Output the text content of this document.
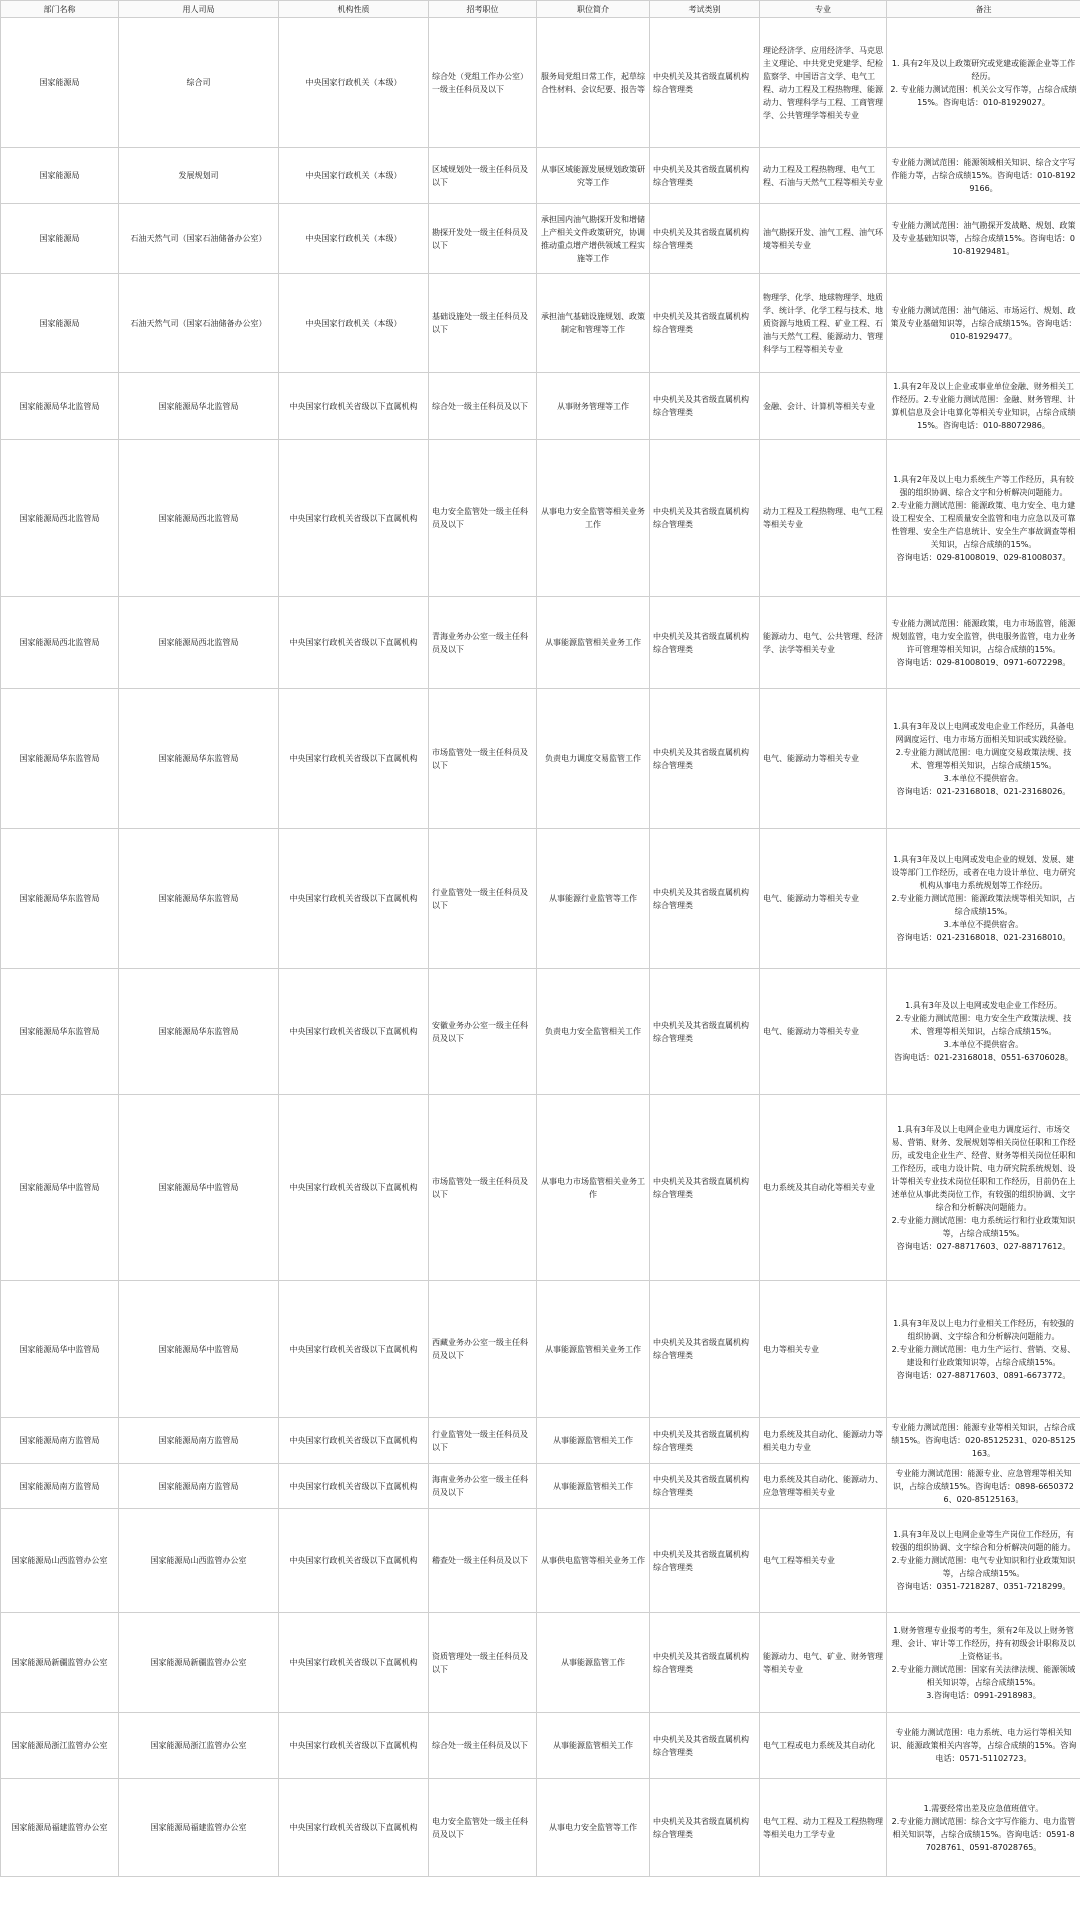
部门名称	用人司局	机构性质	招考职位	职位简介	考试类别	专业	备注
国家能源局	综合司	中央国家行政机关（本级）	综合处（党组工作办公室）一级主任科员及以下	服务局党组日常工作，起草综合性材料、会议纪要、报告等	中央机关及其省级直属机构综合管理类	理论经济学、应用经济学、马克思主义理论、中共党史党建学、纪检监察学、中国语言文学、电气工程、动力工程及工程热物理、能源动力、管理科学与工程、工商管理学、公共管理学等相关专业	1. 具有2年及以上政策研究或党建或能源企业等工作经历。
2. 专业能力测试范围：机关公文写作等，占综合成绩15%。咨询电话：010-81929027。
国家能源局	发展规划司	中央国家行政机关（本级）	区域规划处一级主任科员及以下	从事区域能源发展规划政策研究等工作	中央机关及其省级直属机构综合管理类	动力工程及工程热物理、电气工程、石油与天然气工程等相关专业	专业能力测试范围：能源领域相关知识、综合文字写作能力等，占综合成绩15%。咨询电话：010-81929166。
国家能源局	石油天然气司（国家石油储备办公室）	中央国家行政机关（本级）	勘探开发处一级主任科员及以下	承担国内油气勘探开发和增储上产相关文件政策研究，协调推动重点增产增供领域工程实施等工作	中央机关及其省级直属机构综合管理类	油气勘探开发、油气工程、油气环境等相关专业	专业能力测试范围：油气勘探开发战略、规划、政策及专业基础知识等，占综合成绩15%。咨询电话：010-81929481。
国家能源局	石油天然气司（国家石油储备办公室）	中央国家行政机关（本级）	基础设施处一级主任科员及以下	承担油气基础设施规划、政策制定和管理等工作	中央机关及其省级直属机构综合管理类	物理学、化学、地球物理学、地质学、统计学、化学工程与技术、地质资源与地质工程、矿业工程、石油与天然气工程、能源动力、管理科学与工程等相关专业	专业能力测试范围：油气储运、市场运行、规划、政策及专业基础知识等，占综合成绩15%。咨询电话：010-81929477。
国家能源局华北监管局	国家能源局华北监管局	中央国家行政机关省级以下直属机构	综合处一级主任科员及以下	从事财务管理等工作	中央机关及其省级直属机构综合管理类	金融、会计、计算机等相关专业	1.具有2年及以上企业或事业单位金融、财务相关工作经历。2.专业能力测试范围：金融、财务管理、计算机信息及会计电算化等相关专业知识，占综合成绩15%。咨询电话：010-88072986。
国家能源局西北监管局	国家能源局西北监管局	中央国家行政机关省级以下直属机构	电力安全监管处一级主任科员及以下	从事电力安全监管等相关业务工作	中央机关及其省级直属机构综合管理类	动力工程及工程热物理、电气工程等相关专业	1.具有2年及以上电力系统生产等工作经历，具有较强的组织协调、综合文字和分析解决问题能力。
2.专业能力测试范围：能源政策、电力安全、电力建设工程安全、工程质量安全监管和电力应急以及可靠性管理、安全生产信息统计、安全生产事故调查等相关知识，占综合成绩的15%。
咨询电话：029-81008019、029-81008037。
国家能源局西北监管局	国家能源局西北监管局	中央国家行政机关省级以下直属机构	青海业务办公室一级主任科员及以下	从事能源监管相关业务工作	中央机关及其省级直属机构综合管理类	能源动力、电气、公共管理、经济学、法学等相关专业	专业能力测试范围：能源政策，电力市场监管，能源规划监管，电力安全监管，供电服务监管，电力业务许可管理等相关知识，占综合成绩的15%。
咨询电话：029-81008019、0971-6072298。
国家能源局华东监管局	国家能源局华东监管局	中央国家行政机关省级以下直属机构	市场监管处一级主任科员及以下	负责电力调度交易监管工作	中央机关及其省级直属机构综合管理类	电气、能源动力等相关专业	1.具有3年及以上电网或发电企业工作经历，具备电网调度运行、电力市场方面相关知识或实践经验。
2.专业能力测试范围：电力调度交易政策法规、技术、管理等相关知识，占综合成绩15%。
3.本单位不提供宿舍。
咨询电话：021-23168018、021-23168026。
国家能源局华东监管局	国家能源局华东监管局	中央国家行政机关省级以下直属机构	行业监管处一级主任科员及以下	从事能源行业监管等工作	中央机关及其省级直属机构综合管理类	电气、能源动力等相关专业	1.具有3年及以上电网或发电企业的规划、发展、建设等部门工作经历，或者在电力设计单位、电力研究机构从事电力系统规划等工作经历。
2.专业能力测试范围：能源政策法规等相关知识，占综合成绩15%。
3.本单位不提供宿舍。
咨询电话：021-23168018、021-23168010。
国家能源局华东监管局	国家能源局华东监管局	中央国家行政机关省级以下直属机构	安徽业务办公室一级主任科员及以下	负责电力安全监管相关工作	中央机关及其省级直属机构综合管理类	电气、能源动力等相关专业	1.具有3年及以上电网或发电企业工作经历。
2.专业能力测试范围：电力安全生产政策法规、技术、管理等相关知识，占综合成绩15%。
3.本单位不提供宿舍。
咨询电话：021-23168018、0551-63706028。
国家能源局华中监管局	国家能源局华中监管局	中央国家行政机关省级以下直属机构	市场监管处一级主任科员及以下	从事电力市场监管相关业务工作	中央机关及其省级直属机构综合管理类	电力系统及其自动化等相关专业	1.具有3年及以上电网企业电力调度运行、市场交易、营销、财务、发展规划等相关岗位任职和工作经历，或发电企业生产、经营、财务等相关岗位任职和工作经历，或电力设计院、电力研究院系统规划、设计等相关专业技术岗位任职和工作经历，目前仍在上述单位从事此类岗位工作，有较强的组织协调、文字综合和分析解决问题能力。
2.专业能力测试范围：电力系统运行和行业政策知识等，占综合成绩15%。
咨询电话：027-88717603、027-88717612。
国家能源局华中监管局	国家能源局华中监管局	中央国家行政机关省级以下直属机构	西藏业务办公室一级主任科员及以下	从事能源监管相关业务工作	中央机关及其省级直属机构综合管理类	电力等相关专业	1.具有3年及以上电力行业相关工作经历，有较强的组织协调、文字综合和分析解决问题能力。
2.专业能力测试范围：电力生产运行、营销、交易、建设和行业政策知识等，占综合成绩15%。
咨询电话：027-88717603、0891-6673772。
国家能源局南方监管局	国家能源局南方监管局	中央国家行政机关省级以下直属机构	行业监管处一级主任科员及以下	从事能源监管相关工作	中央机关及其省级直属机构综合管理类	电力系统及其自动化、能源动力等相关电力专业	专业能力测试范围：能源专业等相关知识，占综合成绩15%。咨询电话：020-85125231、020-85125163。
国家能源局南方监管局	国家能源局南方监管局	中央国家行政机关省级以下直属机构	海南业务办公室一级主任科员及以下	从事能源监管相关工作	中央机关及其省级直属机构综合管理类	电力系统及其自动化、能源动力、应急管理等相关专业	专业能力测试范围：能源专业、应急管理等相关知识，占综合成绩15%。咨询电话：0898-66503726、020-85125163。
国家能源局山西监管办公室	国家能源局山西监管办公室	中央国家行政机关省级以下直属机构	稽查处一级主任科员及以下	从事供电监管等相关业务工作	中央机关及其省级直属机构综合管理类	电气工程等相关专业	1.具有3年及以上电网企业等生产岗位工作经历，有较强的组织协调、文字综合和分析解决问题的能力。
2.专业能力测试范围：电气专业知识和行业政策知识等，占综合成绩15%。
咨询电话：0351-7218287、0351-7218299。
国家能源局新疆监管办公室	国家能源局新疆监管办公室	中央国家行政机关省级以下直属机构	资质管理处一级主任科员及以下	从事能源监管工作	中央机关及其省级直属机构综合管理类	能源动力、电气、矿业、财务管理等相关专业	1.财务管理专业报考的考生，须有2年及以上财务管理、会计、审计等工作经历，持有初级会计职称及以上资格证书。
2.专业能力测试范围：国家有关法律法规、能源领域相关知识等，占综合成绩15%。
3.咨询电话：0991-2918983。
国家能源局浙江监管办公室	国家能源局浙江监管办公室	中央国家行政机关省级以下直属机构	综合处一级主任科员及以下	从事能源监管相关工作	中央机关及其省级直属机构综合管理类	电气工程或电力系统及其自动化	专业能力测试范围：电力系统、电力运行等相关知识、能源政策相关内容等，占综合成绩的15%。咨询电话：0571-51102723。
国家能源局福建监管办公室	国家能源局福建监管办公室	中央国家行政机关省级以下直属机构	电力安全监管处一级主任科员及以下	从事电力安全监管等工作	中央机关及其省级直属机构综合管理类	电气工程、动力工程及工程热物理等相关电力工学专业	1.需要经常出差及应急值班值守。
2.专业能力测试范围：综合文字写作能力、电力监管相关知识等，占综合成绩15%。咨询电话：0591-87028761、0591-87028765。
